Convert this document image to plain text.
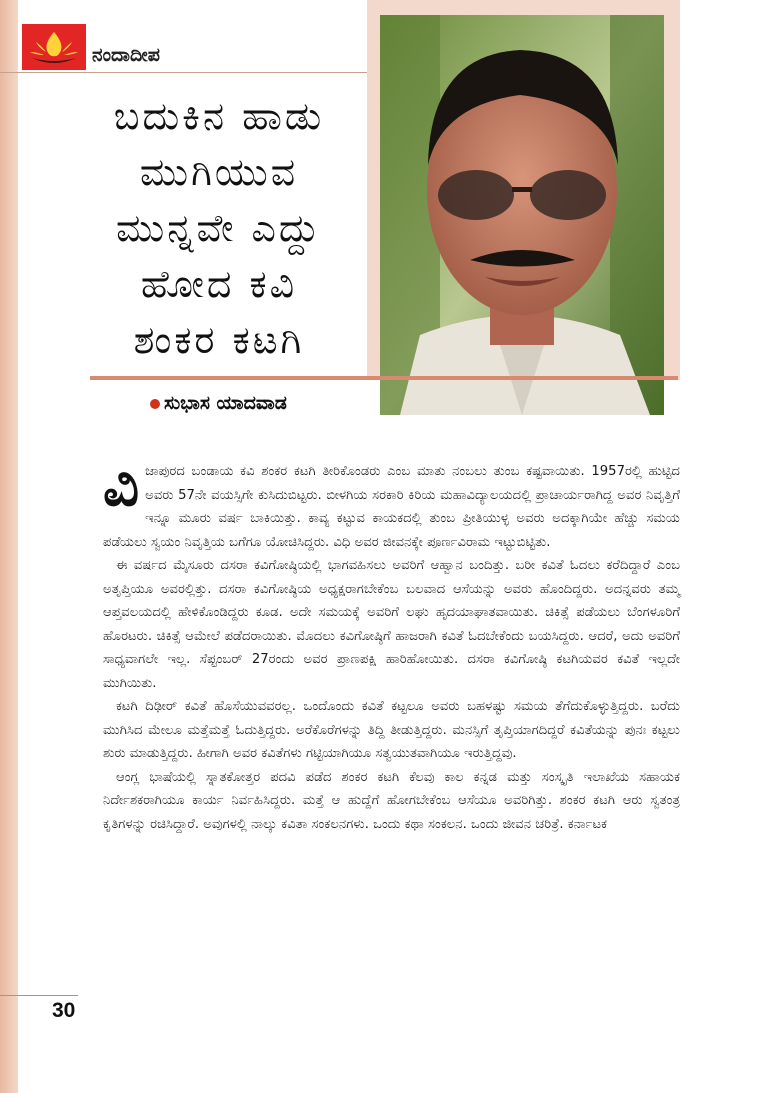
ನಂದಾದೀಪ
ಬದುಕಿನ ಹಾಡು
ಮುಗಿಯುವ
ಮುನ್ನವೇ ಎದ್ದು
ಹೋದ ಕವಿ
ಶಂಕರ ಕಟಗಿ
ಸುಭಾಸ ಯಾದವಾಡ

ವಿಜಾಪುರದ ಬಂಡಾಯ ಕವಿ ಶಂಕರ ಕಟಗಿ ತೀರಿಕೊಂಡರು ಎಂಬ ಮಾತು ನಂಬಲು ತುಂಬ ಕಷ್ಟವಾಯಿತು. 1957ರಲ್ಲಿ ಹುಟ್ಟಿದ ಅವರು 57ನೇ ವಯಸ್ಸಿಗೇ ಕುಸಿದುಬಿಟ್ಟರು. ಬೀಳಗಿಯ ಸರಕಾರಿ ಕಿರಿಯ ಮಹಾವಿದ್ಯಾಲಯದಲ್ಲಿ ಪ್ರಾಚಾರ್ಯರಾಗಿದ್ದ ಅವರ ನಿವೃತ್ತಿಗೆ ಇನ್ನೂ ಮೂರು ವರ್ಷ ಬಾಕಿಯಿತ್ತು. ಕಾವ್ಯ ಕಟ್ಟುವ ಕಾಯಕದಲ್ಲಿ ತುಂಬ ಪ್ರೀತಿಯುಳ್ಳ ಅವರು ಅದಕ್ಕಾಗಿಯೇ ಹೆಚ್ಚು ಸಮಯ ಪಡೆಯಲು ಸ್ವಯಂ ನಿವೃತ್ತಿಯ ಬಗೆಗೂ ಯೋಚಿಸಿದ್ದರು. ವಿಧಿ ಅವರ ಜೀವನಕ್ಕೇ ಪೂರ್ಣವಿರಾಮ ಇಟ್ಟುಬಿಟ್ಟಿತು.

ಈ ವರ್ಷದ ಮೈಸೂರು ದಸರಾ ಕವಿಗೋಷ್ಠಿಯಲ್ಲಿ ಭಾಗವಹಿಸಲು ಅವರಿಗೆ ಆಹ್ವಾನ ಬಂದಿತ್ತು. ಬರೀ ಕವಿತೆ ಓದಲು ಕರೆದಿದ್ದಾರೆ ಎಂಬ ಅತೃಪ್ತಿಯೂ ಅವರಲ್ಲಿತ್ತು. ದಸರಾ ಕವಿಗೋಷ್ಠಿಯ ಅಧ್ಯಕ್ಷರಾಗಬೇಕೆಂಬ ಬಲವಾದ ಆಸೆಯನ್ನು ಅವರು ಹೊಂದಿದ್ದರು. ಅದನ್ನವರು ತಮ್ಮ ಆಪ್ತವಲಯದಲ್ಲಿ ಹೇಳಿಕೊಂಡಿದ್ದರು ಕೂಡ. ಅದೇ ಸಮಯಕ್ಕೆ ಅವರಿಗೆ ಲಘು ಹೃದಯಾಘಾತವಾಯಿತು. ಚಿಕಿತ್ಸೆ ಪಡೆಯಲು ಬೆಂಗಳೂರಿಗೆ ಹೊರಟರು. ಚಿಕಿತ್ಸೆ ಆಮೇಲೆ ಪಡೆದರಾಯಿತು. ಮೊದಲು ಕವಿಗೋಷ್ಠಿಗೆ ಹಾಜರಾಗಿ ಕವಿತೆ ಓದಬೇಕೆಂದು ಬಯಸಿದ್ದರು. ಆದರೆ, ಅದು ಅವರಿಗೆ ಸಾಧ್ಯವಾಗಲೇ ಇಲ್ಲ. ಸೆಪ್ಟಂಬರ್ 27ರಂದು ಅವರ ಪ್ರಾಣಪಕ್ಷಿ ಹಾರಿಹೋಯಿತು. ದಸರಾ ಕವಿಗೋಷ್ಠಿ ಕಟಗಿಯವರ ಕವಿತೆ ಇಲ್ಲದೇ ಮುಗಿಯಿತು.

ಕಟಗಿ ದಿಢೀರ್ ಕವಿತೆ ಹೊಸೆಯುವವರಲ್ಲ. ಒಂದೊಂದು ಕವಿತೆ ಕಟ್ಟಲೂ ಅವರು ಬಹಳಷ್ಟು ಸಮಯ ತೆಗೆದುಕೊಳ್ಳುತ್ತಿದ್ದರು. ಬರೆದು ಮುಗಿಸಿದ ಮೇಲೂ ಮತ್ತೆಮತ್ತೆ ಓದುತ್ತಿದ್ದರು. ಅರೆಕೊರೆಗಳನ್ನು ತಿದ್ದಿ ತೀಡುತ್ತಿದ್ದರು. ಮನಸ್ಸಿಗೆ ತೃಪ್ತಿಯಾಗದಿದ್ದರೆ ಕವಿತೆಯನ್ನು ಪುನಃ ಕಟ್ಟಲು ಶುರು ಮಾಡುತ್ತಿದ್ದರು. ಹೀಗಾಗಿ ಅವರ ಕವಿತೆಗಳು ಗಟ್ಟಿಯಾಗಿಯೂ ಸತ್ವಯುತವಾಗಿಯೂ ಇರುತ್ತಿದ್ದವು.

ಆಂಗ್ಲ ಭಾಷೆಯಲ್ಲಿ ಸ್ನಾತಕೋತ್ತರ ಪದವಿ ಪಡೆದ ಶಂಕರ ಕಟಗಿ ಕೆಲವು ಕಾಲ ಕನ್ನಡ ಮತ್ತು ಸಂಸ್ಕೃತಿ ಇಲಾಖೆಯ ಸಹಾಯಕ ನಿರ್ದೇಶಕರಾಗಿಯೂ ಕಾರ್ಯ ನಿರ್ವಹಿಸಿದ್ದರು. ಮತ್ತೆ ಆ ಹುದ್ದೆಗೆ ಹೋಗಬೇಕೆಂಬ ಆಸೆಯೂ ಅವರಿಗಿತ್ತು. ಶಂಕರ ಕಟಗಿ ಆರು ಸ್ವತಂತ್ರ ಕೃತಿಗಳನ್ನು ರಚಿಸಿದ್ದಾರೆ. ಅವುಗಳಲ್ಲಿ ನಾಲ್ಕು ಕವಿತಾ ಸಂಕಲನಗಳು. ಒಂದು ಕಥಾ ಸಂಕಲನ. ಒಂದು ಜೀವನ ಚರಿತ್ರೆ. ಕರ್ನಾಟಕ

30
